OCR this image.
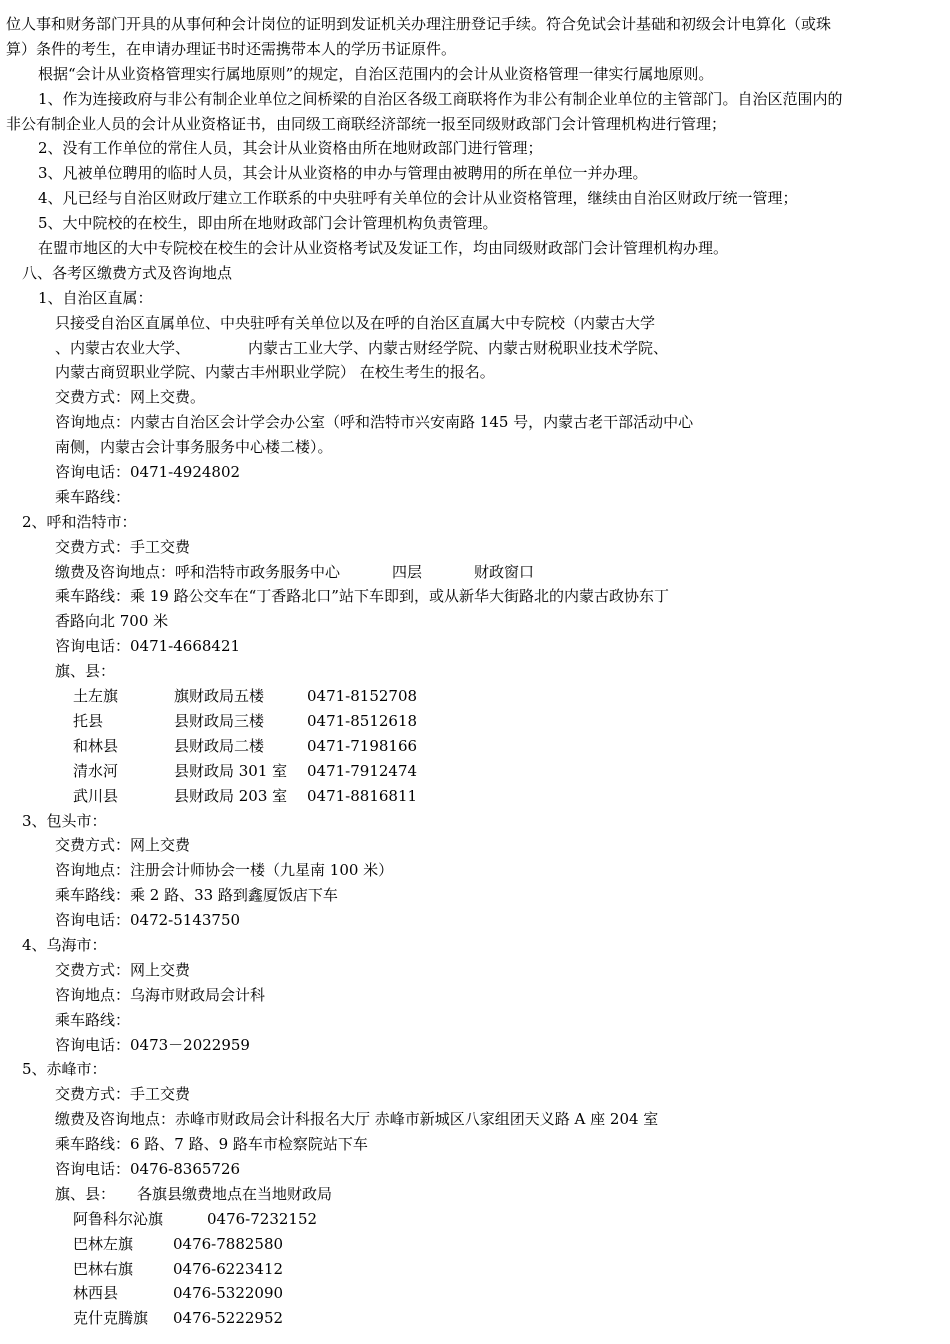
位人事和财务部门开具的从事何种会计岗位的证明到发证机关办理注册登记手续。符合免试会计基础和初级会计电算化（或珠
算）条件的考生，在申请办理证书时还需携带本人的学历书证原件。
根据“会计从业资格管理实行属地原则”的规定，自治区范围内的会计从业资格管理一律实行属地原则。
1、作为连接政府与非公有制企业单位之间桥梁的自治区各级工商联将作为非公有制企业单位的主管部门。自治区范围内的
非公有制企业人员的会计从业资格证书，由同级工商联经济部统一报至同级财政部门会计管理机构进行管理；
2、没有工作单位的常住人员，其会计从业资格由所在地财政部门进行管理；
3、凡被单位聘用的临时人员，其会计从业资格的申办与管理由被聘用的所在单位一并办理。
4、凡已经与自治区财政厅建立工作联系的中央驻呼有关单位的会计从业资格管理，继续由自治区财政厅统一管理；
5、大中院校的在校生，即由所在地财政部门会计管理机构负责管理。
在盟市地区的大中专院校在校生的会计从业资格考试及发证工作，均由同级财政部门会计管理机构办理。
八、各考区缴费方式及咨询地点
1、自治区直属：
只接受自治区直属单位、中央驻呼有关单位以及在呼的自治区直属大中专院校（内蒙古大学
、内蒙古农业大学、	内蒙古工业大学、内蒙古财经学院、内蒙古财税职业技术学院、
内蒙古商贸职业学院、内蒙古丰州职业学院） 在校生考生的报名。
交费方式：网上交费。
咨询地点：内蒙古自治区会计学会办公室（呼和浩特市兴安南路 145 号，内蒙古老干部活动中心
南侧，内蒙古会计事务服务中心楼二楼）。
咨询电话：0471-4924802
乘车路线：
2、呼和浩特市：
交费方式：手工交费
缴费及咨询地点：呼和浩特市政务服务中心	四层	财政窗口
乘车路线：乘 19 路公交车在“丁香路北口”站下车即到，或从新华大街路北的内蒙古政协东丁
香路向北 700 米
咨询电话：0471-4668421
旗、县：
土左旗	旗财政局五楼	0471-8152708
托县	县财政局三楼	0471-8512618
和林县	县财政局二楼	0471-7198166
清水河	县财政局 301 室 0471-7912474
武川县	县财政局 203 室 0471-8816811
3、包头市：
交费方式：网上交费
咨询地点：注册会计师协会一楼（九星南 100 米）
乘车路线：乘 2 路、33 路到鑫厦饭店下车
咨询电话：0472-5143750
4、乌海市：
交费方式：网上交费
咨询地点：乌海市财政局会计科
乘车路线：
咨询电话：0473－2022959
5、赤峰市：
交费方式：手工交费
缴费及咨询地点：赤峰市财政局会计科报名大厅 赤峰市新城区八家组团天义路 A 座 204 室
乘车路线：6 路、7 路、9 路车市检察院站下车
咨询电话：0476-8365726
旗、县： 各旗县缴费地点在当地财政局
阿鲁科尔沁旗	0476-7232152
巴林左旗	0476-7882580
巴林右旗	0476-6223412
林西县	0476-5322090
克什克腾旗 0476-5222952
